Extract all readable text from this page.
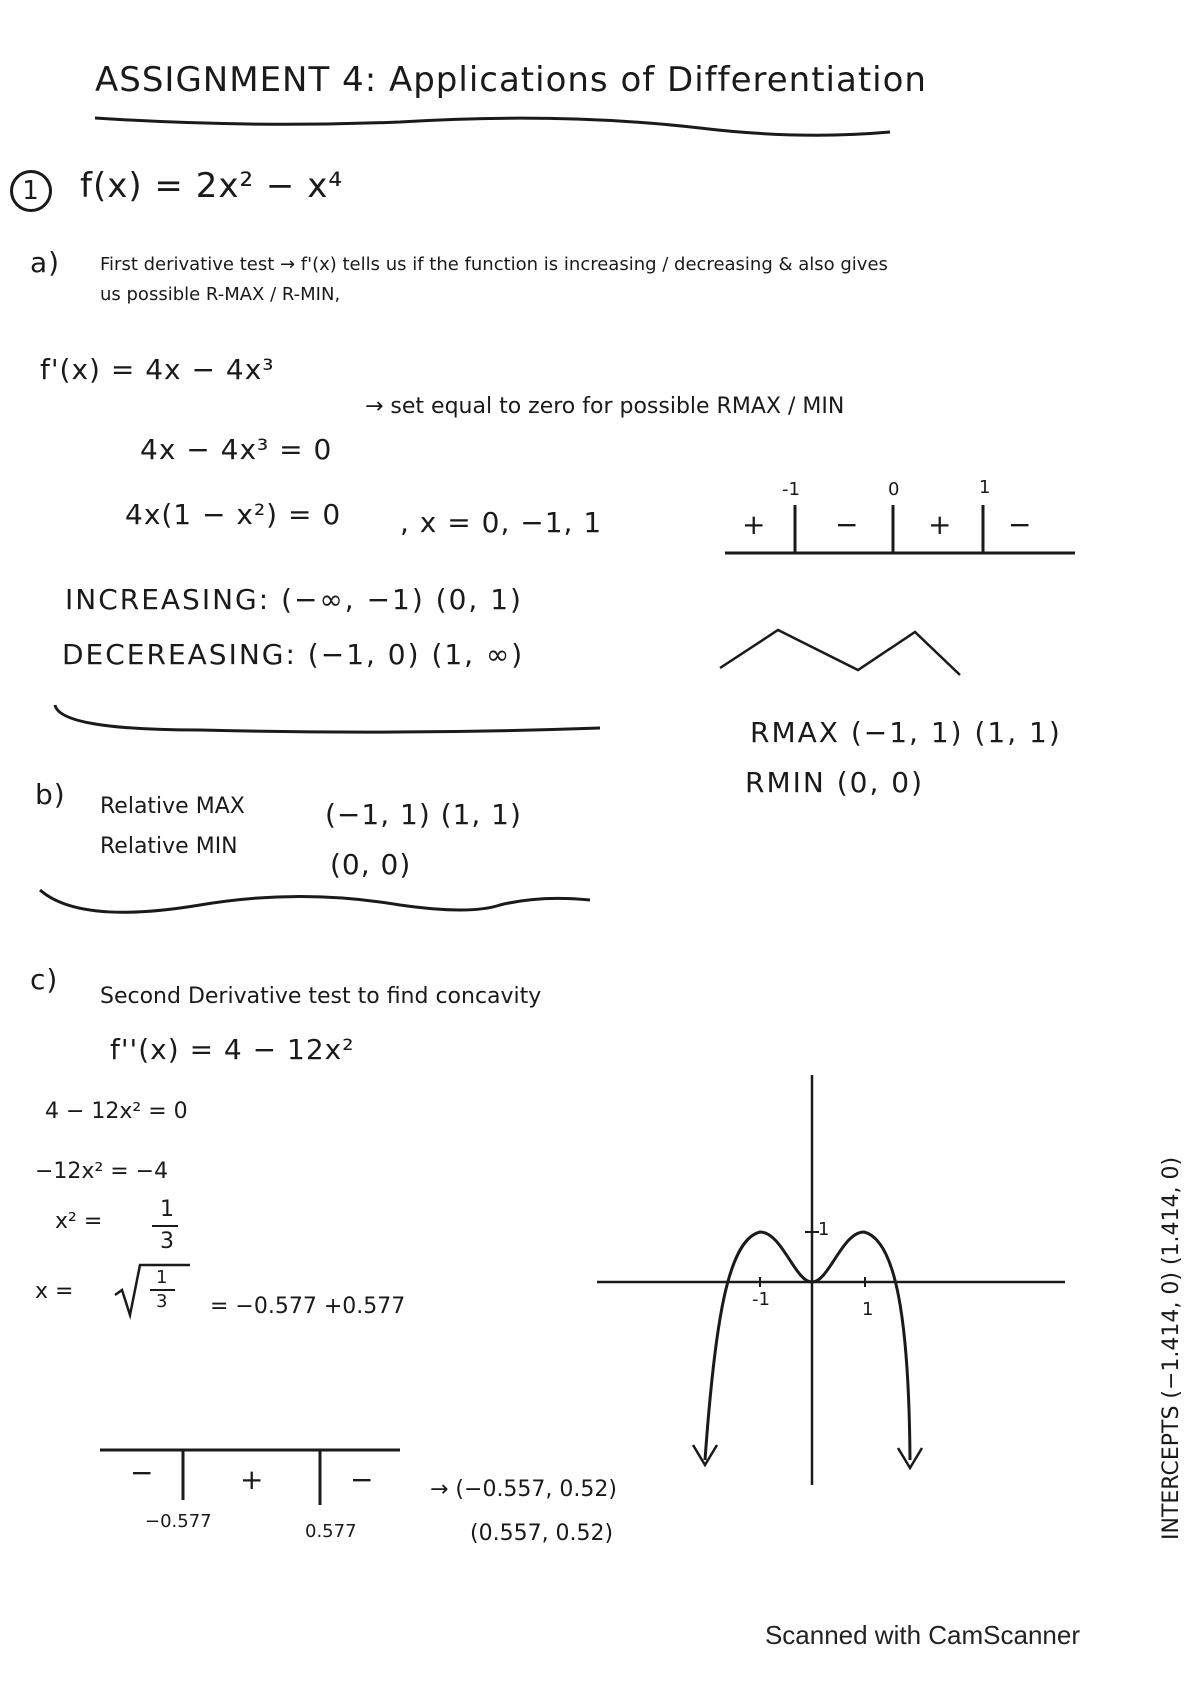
ASSIGNMENT 4: Applications of Differentiation
1	f(x) = 2x² − x⁴
a) First derivative test → f'(x) tells us if the function is increasing / decreasing & also gives
us possible R-MAX / R-MIN,
f'(x) = 4x − 4x³
→ set equal to zero for possible RMAX / MIN
4x − 4x³ = 0
4x(1 − x²) = 0 , x = 0, −1, 1
-1	0	1
+ − + −
INCREASING: (−∞, −1) (0, 1)
DECEREASING: (−1, 0) (1, ∞)
RMAX (−1, 1) (1, 1)
RMIN (0, 0)
b) Relative MAX	(−1, 1) (1, 1)
Relative MIN
(0, 0)
c)
Second Derivative test to find concavity
f''(x) = 4 − 12x²
4 − 12x² = 0
−12x² = −4
x² =	1
3
x =
1
3 = −0.577 +0.577
−	+	−
−0.577	0.577
→ (−0.557, 0.52)
(0.557, 0.52)
1
-1	1	INTERCEPTS (−1.414, 0) (1.414, 0)
Scanned with CamScanner
